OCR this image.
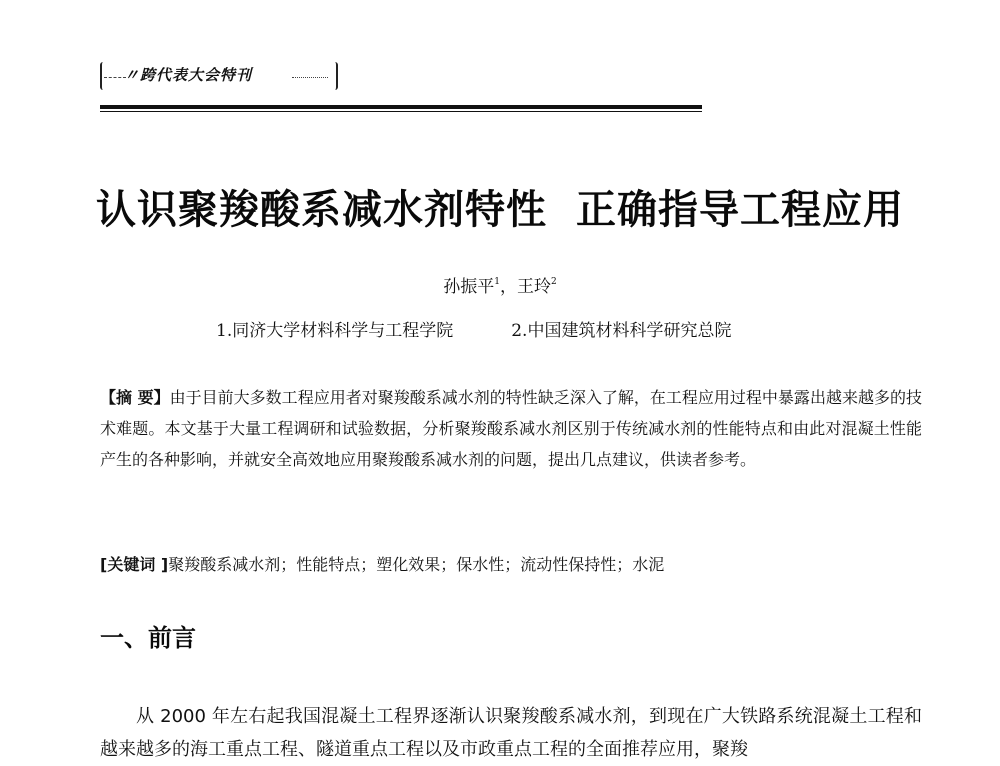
〃跨代表大会特刊
认识聚羧酸系减水剂特性 正确指导工程应用
孙振平$^1$，王玲$^2$
1.同济大学材料科学与工程学院	2.中国建筑材料科学研究总院
【摘 要】由于目前大多数工程应用者对聚羧酸系减水剂的特性缺乏深入了解，在工程应用过程中暴露出越来越多的技术难题。本文基于大量工程调研和试验数据，分析聚羧酸系减水剂区别于传统减水剂的性能特点和由此对混凝土性能产生的各种影响，并就安全高效地应用聚羧酸系减水剂的问题，提出几点建议，供读者参考。
[关键词 ]聚羧酸系减水剂；性能特点；塑化效果；保水性；流动性保持性；水泥
一、前言
从 2000 年左右起我国混凝土工程界逐渐认识聚羧酸系减水剂，到现在广大铁路系统混凝土工程和越来越多的海工重点工程、隧道重点工程以及市政重点工程的全面推荐应用，聚羧
